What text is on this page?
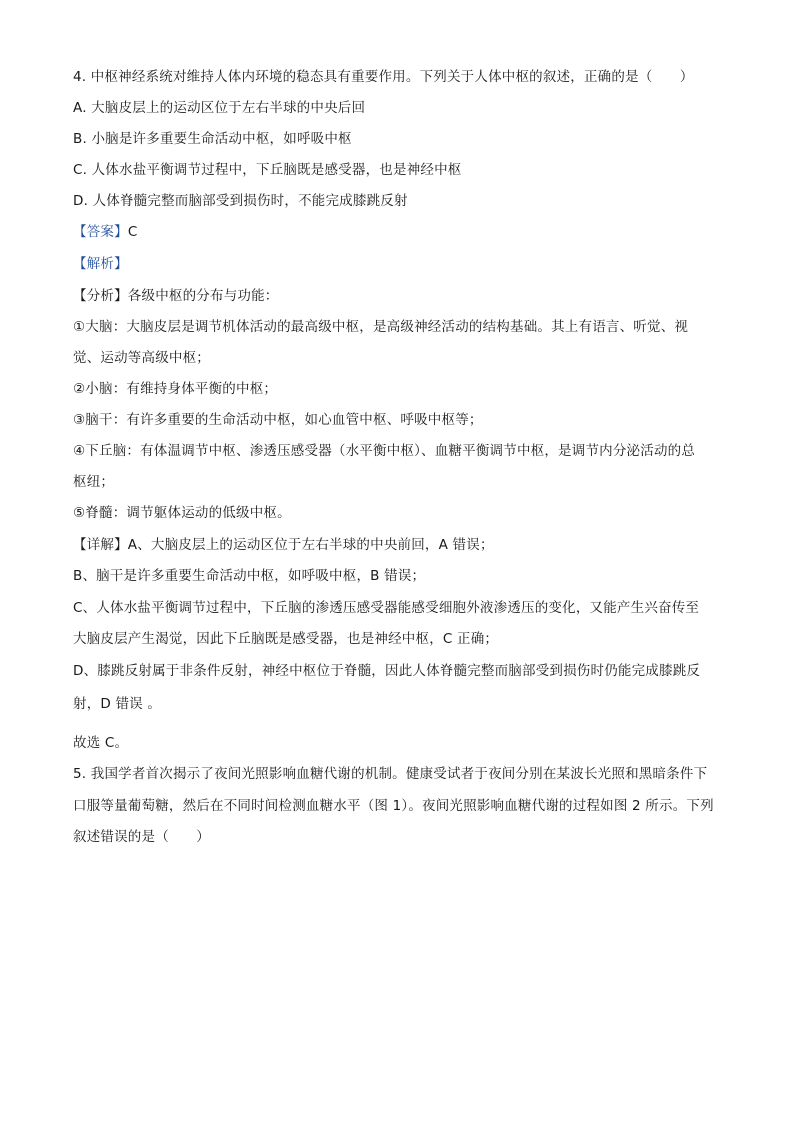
4. 中枢神经系统对维持人体内环境的稳态具有重要作用。下列关于人体中枢的叙述，正确的是（　　）
A. 大脑皮层上的运动区位于左右半球的中央后回
B. 小脑是许多重要生命活动中枢，如呼吸中枢
C. 人体水盐平衡调节过程中，下丘脑既是感受器，也是神经中枢
D. 人体脊髓完整而脑部受到损伤时，不能完成膝跳反射
【答案】C
【解析】
【分析】各级中枢的分布与功能：
①大脑：大脑皮层是调节机体活动的最高级中枢，是高级神经活动的结构基础。其上有语言、听觉、视
觉、运动等高级中枢；
②小脑：有维持身体平衡的中枢；
③脑干：有许多重要的生命活动中枢，如心血管中枢、呼吸中枢等；
④下丘脑：有体温调节中枢、渗透压感受器（水平衡中枢）、血糖平衡调节中枢，是调节内分泌活动的总
枢纽；
⑤脊髓：调节躯体运动的低级中枢。
【详解】A、大脑皮层上的运动区位于左右半球的中央前回，A 错误；
B、脑干是许多重要生命活动中枢，如呼吸中枢，B 错误；
C、人体水盐平衡调节过程中，下丘脑的渗透压感受器能感受细胞外液渗透压的变化，又能产生兴奋传至
大脑皮层产生渴觉，因此下丘脑既是感受器，也是神经中枢，C 正确；
D、膝跳反射属于非条件反射，神经中枢位于脊髓，因此人体脊髓完整而脑部受到损伤时仍能完成膝跳反
射，D 错误 。
故选 C。
5. 我国学者首次揭示了夜间光照影响血糖代谢的机制。健康受试者于夜间分别在某波长光照和黑暗条件下
口服等量葡萄糖，然后在不同时间检测血糖水平（图 1）。夜间光照影响血糖代谢的过程如图 2 所示。下列
叙述错误的是（　　）
